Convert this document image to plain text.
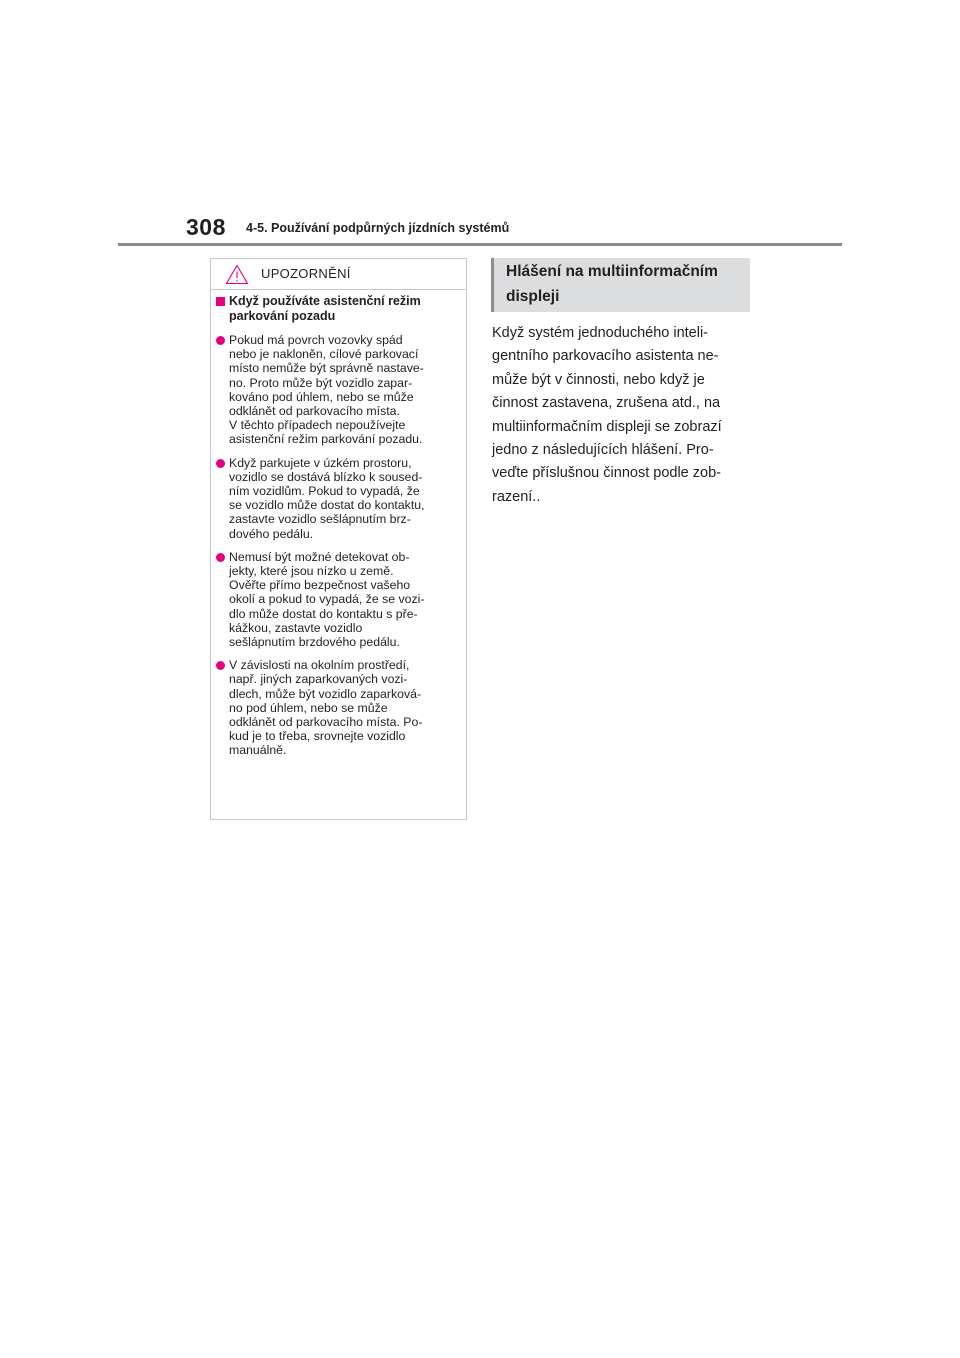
308 4-5. Používání podpůrných jízdních systémů
UPOZORNĚNÍ
Když používáte asistenční režim
parkování pozadu
Pokud má povrch vozovky spád
nebo je nakloněn, cílové parkovací
místo nemůže být správně nastave-
no. Proto může být vozidlo zapar-
kováno pod úhlem, nebo se může
odklánět od parkovacího místa.
V těchto případech nepoužívejte
asistenční režim parkování pozadu.
Když parkujete v úzkém prostoru,
vozidlo se dostává blízko k soused-
ním vozidlům. Pokud to vypadá, že
se vozidlo může dostat do kontaktu,
zastavte vozidlo sešlápnutím brz-
dového pedálu.
Nemusí být možné detekovat ob-
jekty, které jsou nízko u země.
Ověřte přímo bezpečnost vašeho
okolí a pokud to vypadá, že se vozi-
dlo může dostat do kontaktu s pře-
kážkou, zastavte vozidlo
sešlápnutím brzdového pedálu.
V závislosti na okolním prostředí,
např. jiných zaparkovaných vozi-
dlech, může být vozidlo zaparková-
no pod úhlem, nebo se může
odklánět od parkovacího místa. Po-
kud je to třeba, srovnejte vozidlo
manuálně.
Hlášení na multiinformačním
displeji
Když systém jednoduchého inteli-
gentního parkovacího asistenta ne-
může být v činnosti, nebo když je
činnost zastavena, zrušena atd., na
multiinformačním displeji se zobrazí
jedno z následujících hlášení. Pro-
veďte příslušnou činnost podle zob-
razení..
